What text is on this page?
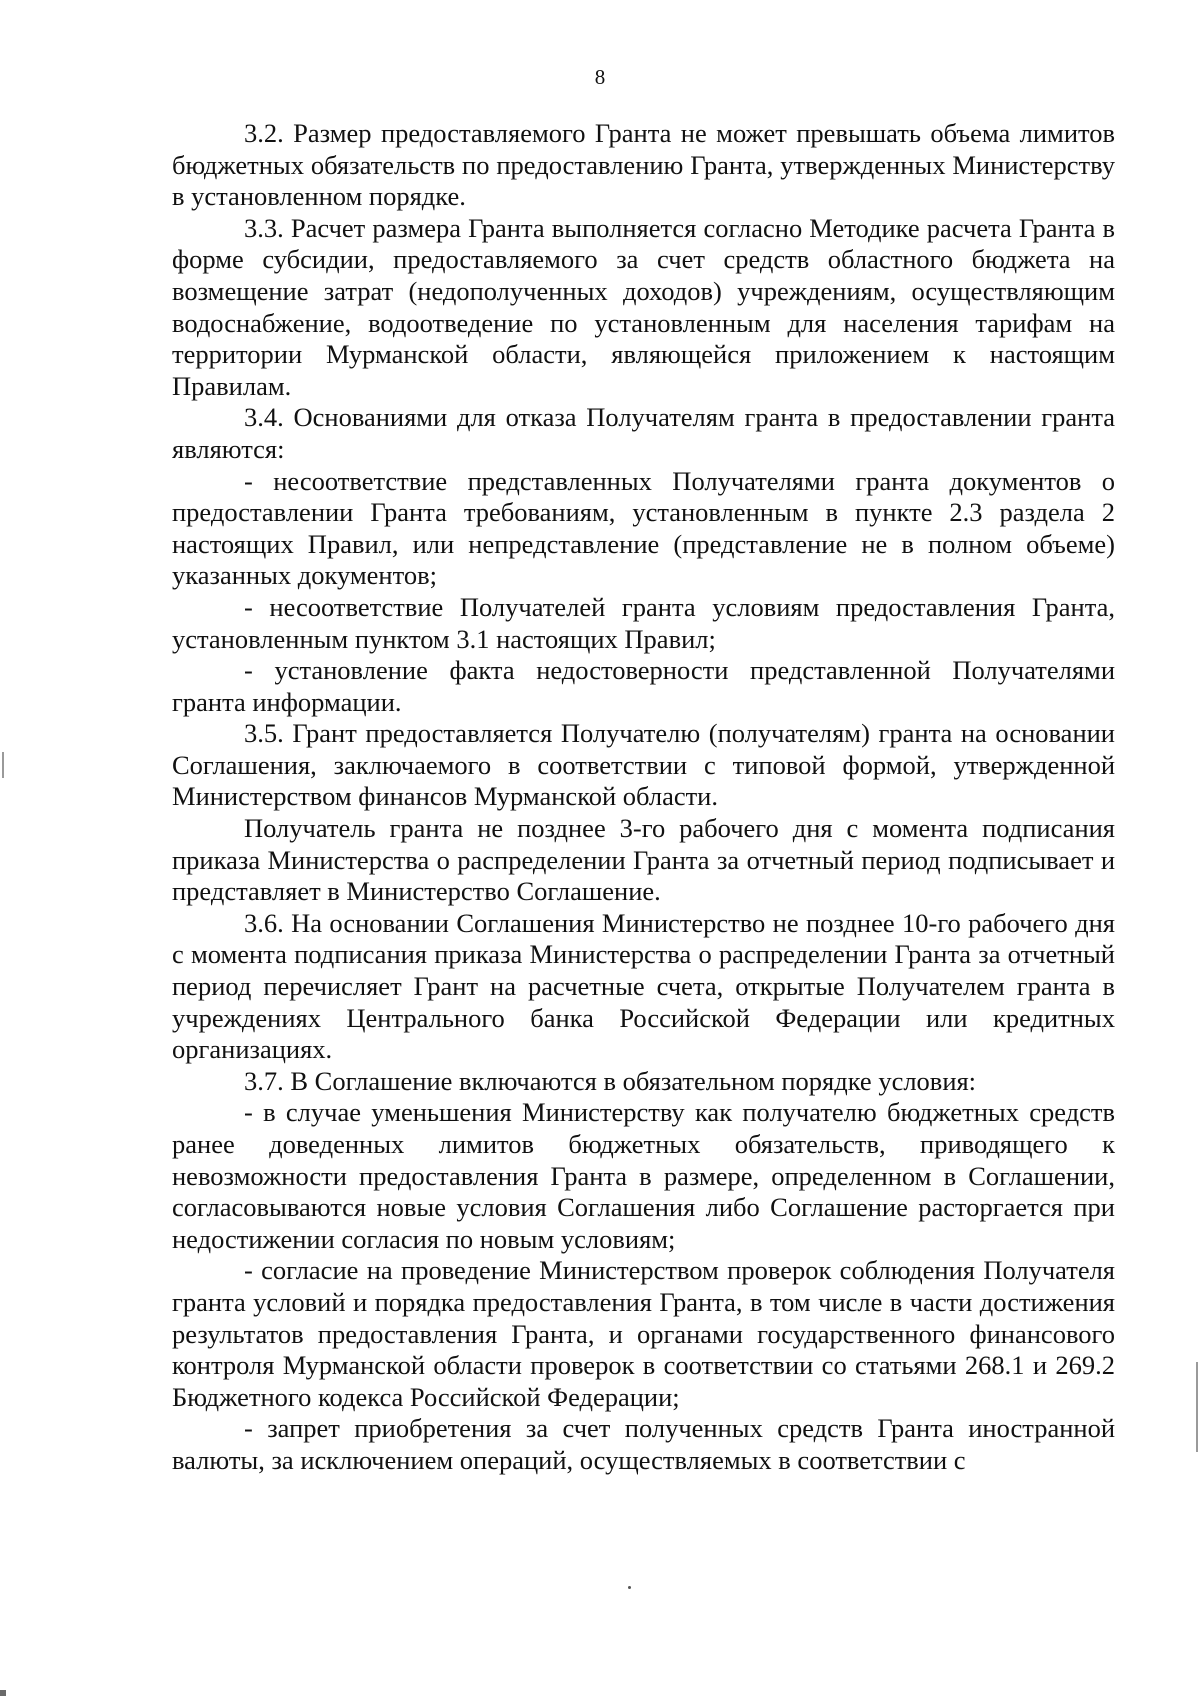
8

3.2. Размер предоставляемого Гранта не может превышать объема лимитов бюджетных обязательств по предоставлению Гранта, утвержденных Министерству в установленном порядке.

3.3. Расчет размера Гранта выполняется согласно Методике расчета Гранта в форме субсидии, предоставляемого за счет средств областного бюджета на возмещение затрат (недополученных доходов) учреждениям, осуществляющим водоснабжение, водоотведение по установленным для населения тарифам на территории Мурманской области, являющейся приложением к настоящим Правилам.

3.4. Основаниями для отказа Получателям гранта в предоставлении гранта являются:

- несоответствие представленных Получателями гранта документов о предоставлении Гранта требованиям, установленным в пункте 2.3 раздела 2 настоящих Правил, или непредставление (представление не в полном объеме) указанных документов;

- несоответствие Получателей гранта условиям предоставления Гранта, установленным пунктом 3.1 настоящих Правил;

- установление факта недостоверности представленной Получателями гранта информации.

3.5. Грант предоставляется Получателю (получателям) гранта на основании Соглашения, заключаемого в соответствии с типовой формой, утвержденной Министерством финансов Мурманской области.

Получатель гранта не позднее 3-го рабочего дня с момента подписания приказа Министерства о распределении Гранта за отчетный период подписывает и представляет в Министерство Соглашение.

3.6. На основании Соглашения Министерство не позднее 10-го рабочего дня с момента подписания приказа Министерства о распределении Гранта за отчетный период перечисляет Грант на расчетные счета, открытые Получателем гранта в учреждениях Центрального банка Российской Федерации или кредитных организациях.

3.7. В Соглашение включаются в обязательном порядке условия:

- в случае уменьшения Министерству как получателю бюджетных средств ранее доведенных лимитов бюджетных обязательств, приводящего к невозможности предоставления Гранта в размере, определенном в Соглашении, согласовываются новые условия Соглашения либо Соглашение расторгается при недостижении согласия по новым условиям;

- согласие на проведение Министерством проверок соблюдения Получателя гранта условий и порядка предоставления Гранта, в том числе в части достижения результатов предоставления Гранта, и органами государственного финансового контроля Мурманской области проверок в соответствии со статьями 268.1 и 269.2 Бюджетного кодекса Российской Федерации;

- запрет приобретения за счет полученных средств Гранта иностранной валюты, за исключением операций, осуществляемых в соответствии с
